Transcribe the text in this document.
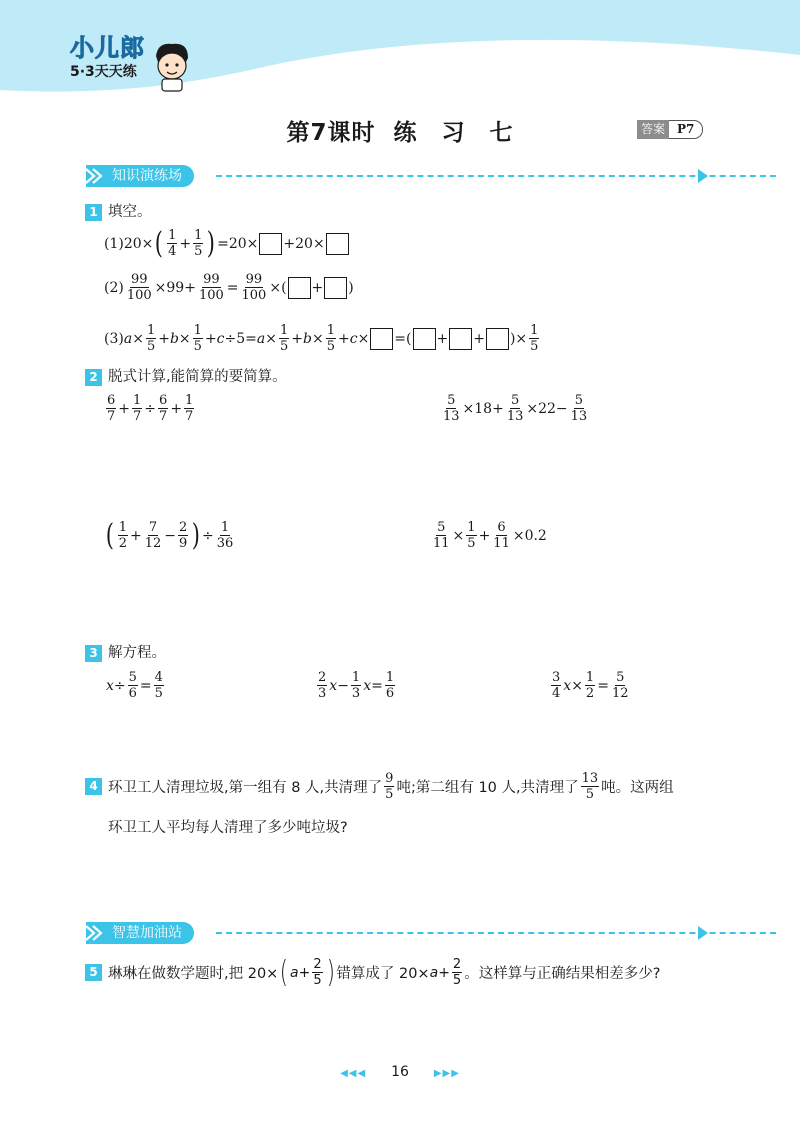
小儿郎
5·3天天练
第7课时 练　习　七	答案	P7
知识演练场
1 填空。
(1) 20× ( $\frac{1}{4} + \frac{1}{5}$ ) =20× +20×
$(2) \frac{99}{100} \times 99+ \frac{99}{100} = \frac{99}{100}$ ×( + )
(3) $a \times \frac{1}{5} + b \times \frac{1}{5} + c \div 5= a \times \frac{1}{5} + b \times \frac{1}{5} + c$ × =( + + )× $\frac{1}{5}$
2 脱式计算,能简算的要简算。
$\frac{6}{7} + \frac{1}{7} \div \frac{6}{7} + \frac{1}{7}$	$\frac{5}{13} \times 18+ \frac{5}{13} \times 22- \frac{5}{13}$
( $\frac{1}{2} + \frac{7}{12} - \frac{2}{9}$ ) ÷ $\frac{1}{36}$	$\frac{5}{11} \times \frac{1}{5} + \frac{6}{11} \times 0.2$
3 解方程。
$x \div \frac{5}{6} = \frac{4}{5}$	$\frac{2}{3}$ $x - \frac{1}{3}$ $x = \frac{1}{6}$	$\frac{3}{4}$ $x \times \frac{1}{2} = \frac{5}{12}$
4 环卫工人清理垃圾,第一组有 8 人,共清理了 $\frac{9}{5}$ 吨;第二组有 10 人,共清理了 $\frac{13}{5}$ 吨。这两组
环卫工人平均每人清理了多少吨垃圾?
智慧加油站
5 琳琳在做数学题时,把 20× ( $a + \frac{2}{5}$ ) 错算成了 $20\times a + \frac{2}{5}$ 。这样算与正确结果相差多少?
◀◀◀ 16 ▶▶▶
